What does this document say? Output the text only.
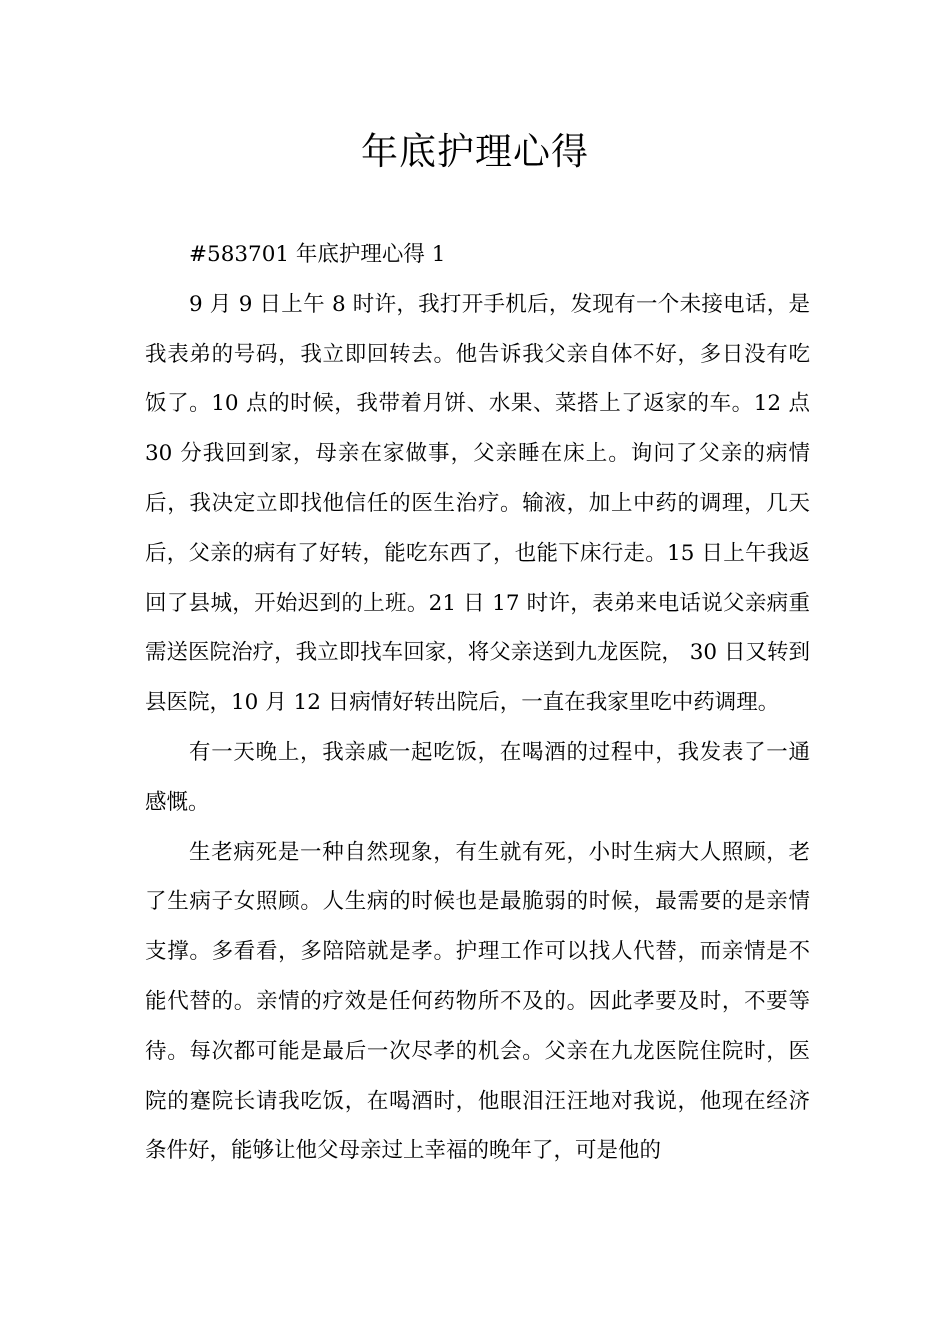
年底护理心得

#583701 年底护理心得 1

9 月 9 日上午 8 时许，我打开手机后，发现有一个未接电话，是我表弟的号码，我立即回转去。他告诉我父亲自体不好，多日没有吃饭了。10 点的时候，我带着月饼、水果、菜搭上了返家的车。12 点 30 分我回到家，母亲在家做事，父亲睡在床上。询问了父亲的病情后，我决定立即找他信任的医生治疗。输液，加上中药的调理，几天后，父亲的病有了好转，能吃东西了，也能下床行走。15 日上午我返回了县城，开始迟到的上班。21 日 17 时许，表弟来电话说父亲病重需送医院治疗，我立即找车回家，将父亲送到九龙医院， 30 日又转到县医院，10 月 12 日病情好转出院后，一直在我家里吃中药调理。

有一天晚上，我亲戚一起吃饭，在喝酒的过程中，我发表了一通感慨。

生老病死是一种自然现象，有生就有死，小时生病大人照顾，老了生病子女照顾。人生病的时候也是最脆弱的时候，最需要的是亲情支撑。多看看，多陪陪就是孝。护理工作可以找人代替，而亲情是不能代替的。亲情的疗效是任何药物所不及的。因此孝要及时，不要等待。每次都可能是最后一次尽孝的机会。父亲在九龙医院住院时，医院的蹇院长请我吃饭，在喝酒时，他眼泪汪汪地对我说，他现在经济条件好，能够让他父母亲过上幸福的晚年了，可是他的
